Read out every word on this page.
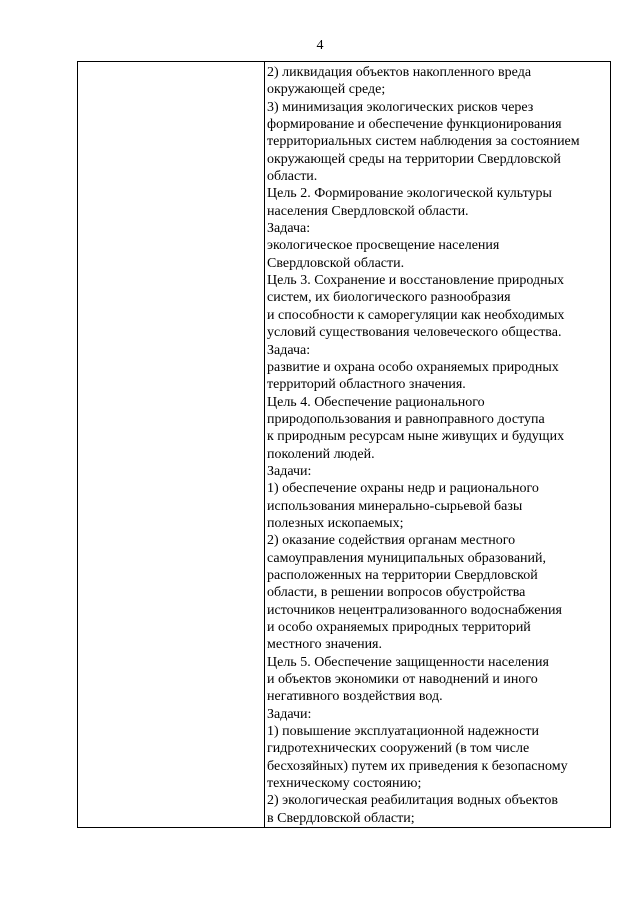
4

2) ликвидация объектов накопленного вреда
окружающей среде;
3) минимизация экологических рисков через
формирование и обеспечение функционирования
территориальных систем наблюдения за состоянием
окружающей среды на территории Свердловской
области.
Цель 2. Формирование экологической культуры
населения Свердловской области.
Задача:
экологическое просвещение населения
Свердловской области.
Цель 3. Сохранение и восстановление природных
систем, их биологического разнообразия
и способности к саморегуляции как необходимых
условий существования человеческого общества.
Задача:
развитие и охрана особо охраняемых природных
территорий областного значения.
Цель 4. Обеспечение рационального
природопользования и равноправного доступа
к природным ресурсам ныне живущих и будущих
поколений людей.
Задачи:
1) обеспечение охраны недр и рационального
использования минерально-сырьевой базы
полезных ископаемых;
2) оказание содействия органам местного
самоуправления муниципальных образований,
расположенных на территории Свердловской
области, в решении вопросов обустройства
источников нецентрализованного водоснабжения
и особо охраняемых природных территорий
местного значения.
Цель 5. Обеспечение защищенности населения
и объектов экономики от наводнений и иного
негативного воздействия вод.
Задачи:
1) повышение эксплуатационной надежности
гидротехнических сооружений (в том числе
бесхозяйных) путем их приведения к безопасному
техническому состоянию;
2) экологическая реабилитация водных объектов
в Свердловской области;
